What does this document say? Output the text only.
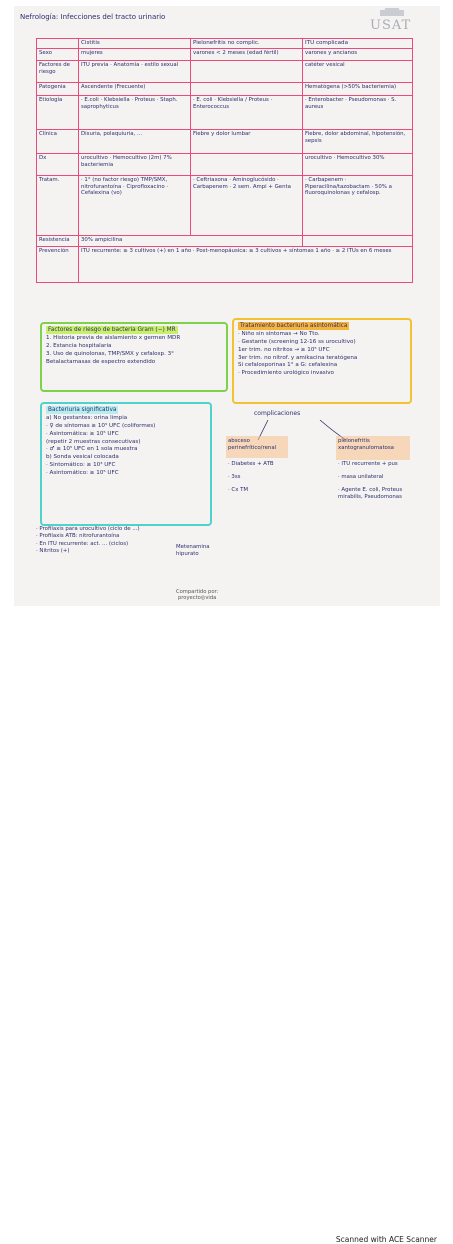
Nefrología: Infecciones del tracto urinario
USAT
	Cistitis	Pielonefritis no complic.	ITU complicada
Sexo	mujeres	varones < 2 meses (edad fértil)	varones y ancianos
Factores de riesgo	ITU previa · Anatomía · estilo sexual		catéter vesical
Patogenia	Ascendente (Frecuente)		Hematógena (>50% bacteriemia)
Etiología	· E.coli · Klebsiella · Proteus · Staph. saprophyticus	· E. coli · Klebsiella / Proteus · Enterococcus	· Enterobacter · Pseudomonas · S. aureus
Clínica	Disuria, polaquiuria, ...	Fiebre y dolor lumbar	Fiebre, dolor abdominal, hipotensión, sepsis
Dx	urocultivo · Hemocultivo (2m) 7% bacteriemia		urocultivo · Hemocultivo 30%
Tratam.	· 1° (no factor riesgo) TMP/SMX, nitrofurantoína · Ciprofloxacino · Cefalexina (vo)	· Ceftriaxona · Aminoglucósido · Carbapenem · 2 sem. Ampi + Genta	· Carbapenem · Piperacilina/tazobactam · 50% a fluoroquinolonas y cefalosp.
Resistencia	30% ampicilina		
Prevención	ITU recurrente: ≥ 3 cultivos (+) en 1 año · Post-menopáusica: ≥ 3 cultivos + síntomas 1 año · ≥ 2 ITUs en 6 meses		
Factores de riesgo de bacteria Gram (−) MR
1. Historia previa de aislamiento x germen MDR
2. Estancia hospitalaria
3. Uso de quinolonas, TMP/SMX y cefalosp. 3°
Betalactamasas de espectro extendido
Tratamiento bacteriuria asintomática
· Niño sin síntomas → No Tto.
· Gestante (screening 12-16 ss urocultivo)
1er trim. no nitritos → ≥ 10⁵ UFC
3er trim. no nitrof. y amikacina teratógena
Si cefalosporinas 1° a G: cefalexina
· Procedimiento urológico invasivo
Bacteriuria significativa
a) No gestantes: orina limpia
· ♀ de síntomas ≥ 10⁵ UFC (coliformes)
· Asintomática: ≥ 10⁵ UFC
(repetir 2 muestras consecutivas)
· ♂ ≥ 10⁵ UFC en 1 sola muestra
b) Sonda vesical colocada
· Sintomático: ≥ 10³ UFC
· Asintomático: ≥ 10⁵ UFC
complicaciones
absceso perinefrítico/renal
· Diabetes + ATB
· 3ss
· Cx TM
pielonefritis xantogranulomatosa
· ITU recurrente + pus
· masa unilateral
· Agente E. coli, Proteus mirabilis, Pseudomonas
· Profilaxis para urocultivo (ciclo de ...)
· Profilaxis ATB: nitrofurantoína
· En ITU recurrente: act. ... (ciclos)
· Nitritos (+)
Metenamina
hipurato
Compartido por:
proyecto◎vida
Scanned with ACE Scanner
